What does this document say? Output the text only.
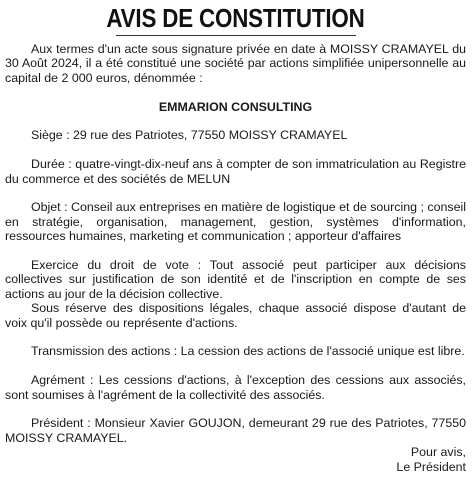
AVIS DE CONSTITUTION

Aux termes d'un acte sous signature privée en date à MOISSY CRAMAYEL du 30 Août 2024, il a été constitué une société par actions simplifiée unipersonnelle au capital de 2 000 euros, dénommée :

EMMARION CONSULTING

Siège : 29 rue des Patriotes, 77550 MOISSY CRAMAYEL

Durée : quatre-vingt-dix-neuf ans à compter de son immatriculation au Registre du commerce et des sociétés de MELUN

Objet : Conseil aux entreprises en matière de logistique et de sourcing ; conseil en stratégie, organisation, management, gestion, systèmes d'information, ressources humaines, marketing et communication ; apporteur d'affaires

Exercice du droit de vote : Tout associé peut participer aux décisions collectives sur justification de son identité et de l'inscription en compte de ses actions au jour de la décision collective.

Sous réserve des dispositions légales, chaque associé dispose d'autant de voix qu'il possède ou représente d'actions.

Transmission des actions : La cession des actions de l'associé unique est libre.

Agrément : Les cessions d'actions, à l'exception des cessions aux associés, sont soumises à l'agrément de la collectivité des associés.

Président : Monsieur Xavier GOUJON, demeurant 29 rue des Patriotes, 77550 MOISSY CRAMAYEL.

Pour avis,

Le Président
